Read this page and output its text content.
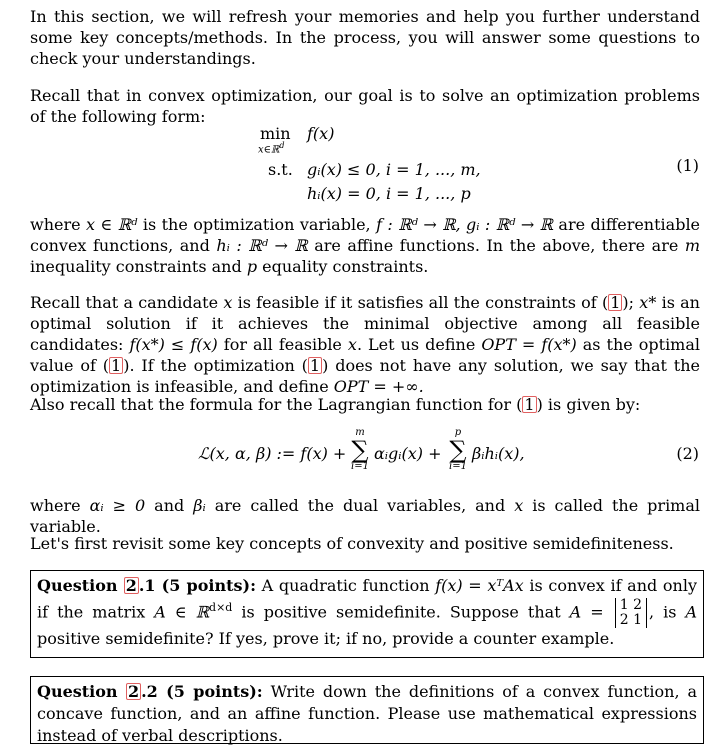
In this section, we will refresh your memories and help you further understand some key concepts/methods. In the process, you will answer some questions to check your understandings.

Recall that in convex optimization, our goal is to solve an optimization problems of the following form:

min
x∈ℝ$^d$
f(x)
s.t. gᵢ(x) ≤ 0, i = 1, ..., m,
hᵢ(x) = 0, i = 1, ..., p
(1)

where x ∈ ℝᵈ is the optimization variable, f : ℝᵈ → ℝ, gᵢ : ℝᵈ → ℝ are differentiable convex functions, and hᵢ : ℝᵈ → ℝ are affine functions. In the above, there are m inequality constraints and p equality constraints.

Recall that a candidate x is feasible if it satisfies all the constraints of ( 1 ); x* is an optimal solution if it achieves the minimal objective among all feasible candidates: f(x*) ≤ f(x) for all feasible x. Let us define OPT = f(x*) as the optimal value of ( 1 ). If the optimization ( 1 ) does not have any solution, we say that the optimization is infeasible, and define OPT = +∞.

Also recall that the formula for the Lagrangian function for ( 1 ) is given by:

ℒ(x, α, β) := f(x) +
m
∑
i=1
αᵢgᵢ(x) +
p
∑
i=1
βᵢhᵢ(x),	(2)

where αᵢ ≥ 0 and βᵢ are called the dual variables, and x is called the primal variable.

Let's first revisit some key concepts of convexity and positive semidefiniteness.

Question 2 .1 (5 points): A quadratic function f(x) = xᵀAx is convex if and only if the matrix A ∈ ℝ$^{d\times d}$ is positive semidefinite. Suppose that A = 1 2
2 1 , is A positive semidefinite? If yes, prove it; if no, provide a counter example.
Question 2 .2 (5 points): Write down the definitions of a convex function, a concave function, and an affine function. Please use mathematical expressions instead of verbal descriptions.
